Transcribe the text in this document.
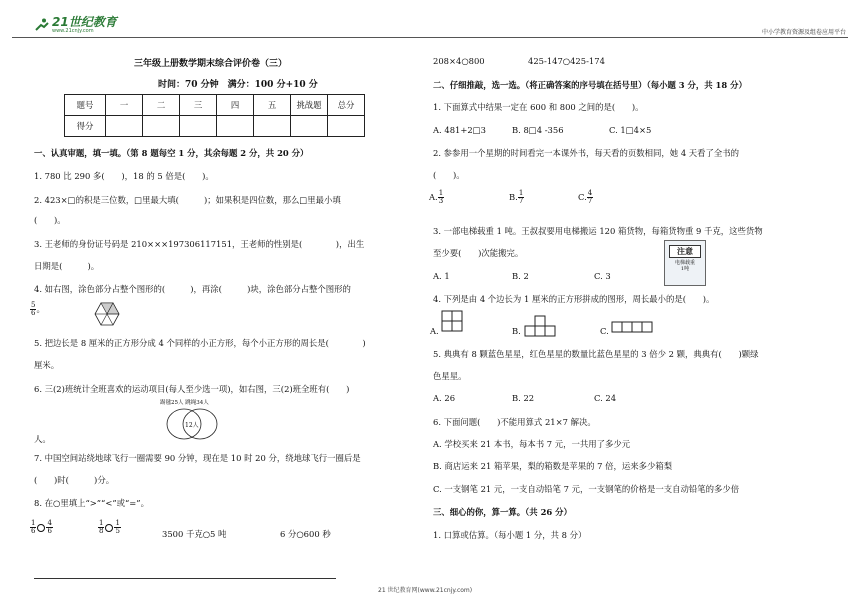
21世纪教育
www.21cnjy.com	中小学教育资源及组卷应用平台
三年级上册数学期末综合评价卷（三）
时间：70 分钟　满分：100 分+10 分
题号	一	二	三	四	五	挑战题	总分
得分							
一、认真审题，填一填。（第 8 题每空 1 分，其余每题 2 分，共 20 分）
1. 780 比 290 多(　　)，18 的 5 倍是(　　)。
2. 423×□的积是三位数，□里最大填(　　　)；如果积是四位数，那么□里最小填
(　　)。
3. 王老师的身份证号码是 210×××197306117151，王老师的性别是(　　　　)，出生
日期是(　　　)。
4. 如右图，涂色部分占整个图形的(　　　)，再涂(　　　)块，涂色部分占整个图形的
$\frac{5}{6}$ 。
5. 把边长是 8 厘米的正方形分成 4 个同样的小正方形，每个小正方形的周长是(　　　　)
厘米。
6. 三(2)班统计全班喜欢的运动项目(每人至少选一项)，如右图，三(2)班全班有(　　)
踢毽25人 跳绳34人
12人
人。
7. 中国空间站绕地球飞行一圈需要 90 分钟，现在是 10 时 20 分，绕地球飞行一圈后是
(　　)时(　　　)分。
8. 在○里填上“>”“<”或“=”。
$\frac{1}{6} \frac{4}{6}$	$\frac{1}{8} \frac{1}{5}$	3500 千克○5 吨	6 分○600 秒
208×4○800	425-147○425-174
二、仔细推敲，选一选。（将正确答案的序号填在括号里）（每小题 3 分，共 18 分）
1. 下面算式中结果一定在 600 和 800 之间的是(　　)。
A. 481+2□3	B. 8□4 -356	C. 1□4×5
2. 参参用一个星期的时间看完一本课外书，每天看的页数相同，她 4 天看了全书的
(　　)。
A. $\frac{1}{3}$	B. $\frac{1}{7}$	C. $\frac{4}{7}$
3. 一部电梯载重 1 吨。王叔叔要用电梯搬运 120 箱货物，每箱货物重 9 千克，这些货物
至少要(　　)次能搬完。
A. 1	B. 2	C. 3
注意
电梯载重
1吨
4. 下列是由 4 个边长为 1 厘米的正方形拼成的图形，周长最小的是(　　)。
A.	B.	C.
5. 典典有 8 颗蓝色星星，红色星星的数量比蓝色星星的 3 倍少 2 颗，典典有(　　)颗绿
色星星。
A. 26	B. 22	C. 24
6. 下面问题(　　)不能用算式 21×7 解决。
A. 学校买来 21 本书，每本书 7 元，一共用了多少元
B. 商店运来 21 箱苹果，梨的箱数是苹果的 7 倍，运来多少箱梨
C. 一支钢笔 21 元，一支自动铅笔 7 元，一支钢笔的价格是一支自动铅笔的多少倍
三、细心的你，算一算。（共 26 分）
1. 口算或估算。（每小题 1 分，共 8 分）
21 世纪教育网(www.21cnjy.com)
